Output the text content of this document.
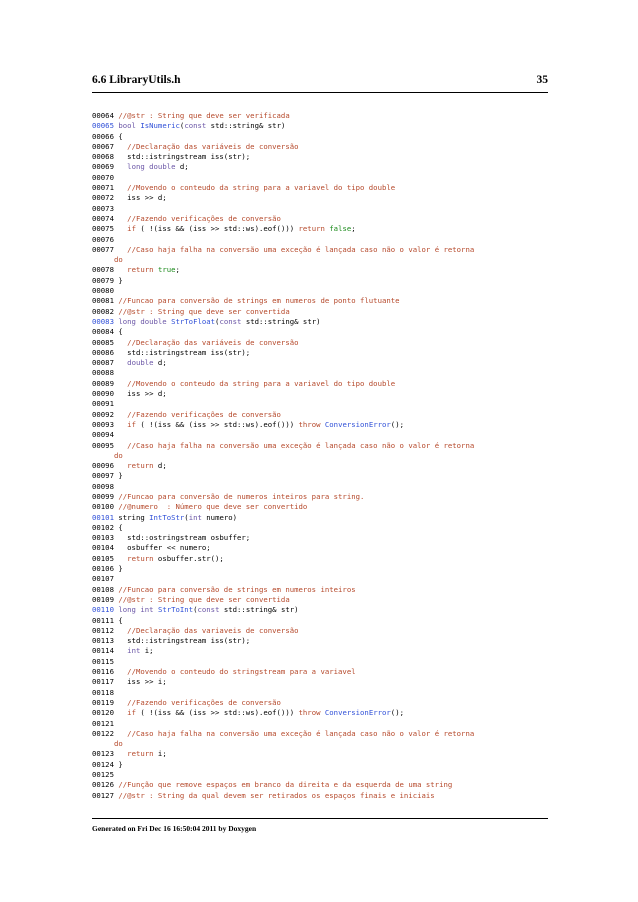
6.6 LibraryUtils.h	35
00064 //@str : String que deve ser verificada
00065 bool IsNumeric(const std::string& str)
00066 {
00067 //Declaração das variáveis de conversão
00068   std::istringstream iss(str);
00069 long double d;
00070
00071 //Movendo o conteudo da string para a variavel do tipo double
00072   iss >> d;
00073
00074 //Fazendo verificações de conversão
00075 if ( !(iss && (iss >> std::ws).eof())) return false;
00076
00077 //Caso haja falha na conversão uma exceção é lançada caso não o valor é retorna
do
00078 return true;
00079 }
00080
00081 //Funcao para conversão de strings em numeros de ponto flutuante
00082 //@str : String que deve ser convertida
00083 long double StrToFloat(const std::string& str)
00084 {
00085 //Declaração das variáveis de conversão
00086   std::istringstream iss(str);
00087 double d;
00088
00089 //Movendo o conteudo da string para a variavel do tipo double
00090   iss >> d;
00091
00092 //Fazendo verificações de conversão
00093 if ( !(iss && (iss >> std::ws).eof())) throw ConversionError();
00094
00095 //Caso haja falha na conversão uma exceção é lançada caso não o valor é retorna
do
00096 return d;
00097 }
00098
00099 //Funcao para conversão de numeros inteiros para string.
00100 //@numero  : Número que deve ser convertido
00101 string IntToStr(int numero)
00102 {
00103   std::ostringstream osbuffer;
00104   osbuffer << numero;
00105 return osbuffer.str();
00106 }
00107
00108 //Funcao para conversão de strings em numeros inteiros
00109 //@str : String que deve ser convertida
00110 long int StrToInt(const std::string& str)
00111 {
00112 //Declaração das variaveis de conversão
00113   std::istringstream iss(str);
00114 int i;
00115
00116 //Movendo o conteudo do stringstream para a variavel
00117   iss >> i;
00118
00119 //Fazendo verificações de conversão
00120 if ( !(iss && (iss >> std::ws).eof())) throw ConversionError();
00121
00122 //Caso haja falha na conversão uma exceção é lançada caso não o valor é retorna
do
00123 return i;
00124 }
00125
00126 //Função que remove espaços em branco da direita e da esquerda de uma string
00127 //@str : String da qual devem ser retirados os espaços finais e iniciais
Generated on Fri Dec 16 16:50:04 2011 by Doxygen
